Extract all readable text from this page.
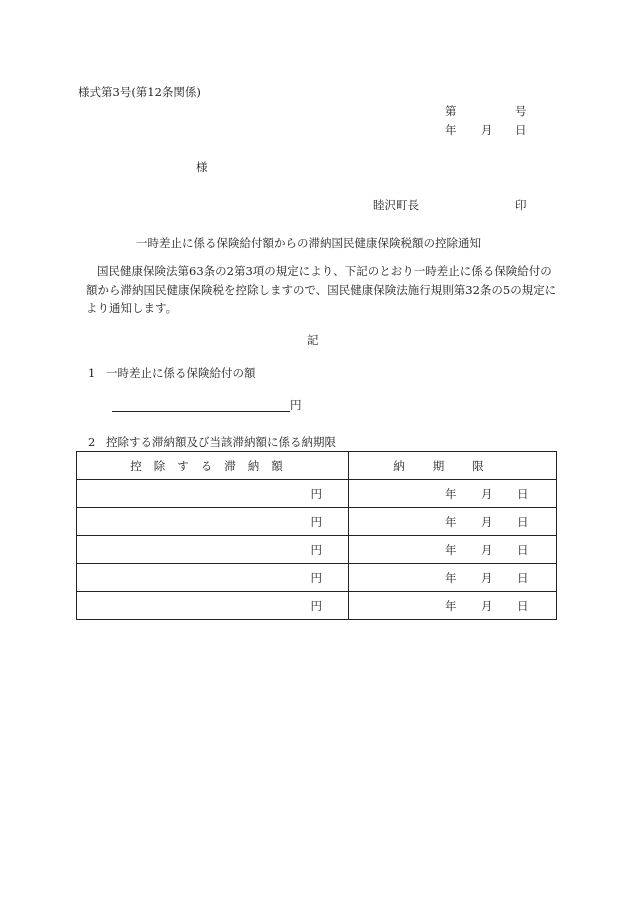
様式第3号(第12条関係)
第	号
年 月 日
様
睦沢町長	印
一時差止に係る保険給付額からの滞納国民健康保険税額の控除通知
国民健康保険法第63条の2第3項の規定により、下記のとおり一時差止に係る保険給付の額から滞納国民健康保険税を控除しますので、国民健康保険法施行規則第32条の5の規定により通知します。
記
1 一時差止に係る保険給付の額
円
2 控除する滞納額及び当該滞納額に係る納期限
控除する滞納額	納期限
円	年 月 日

円	年 月 日

円	年 月 日

円	年 月 日

円	年 月 日
